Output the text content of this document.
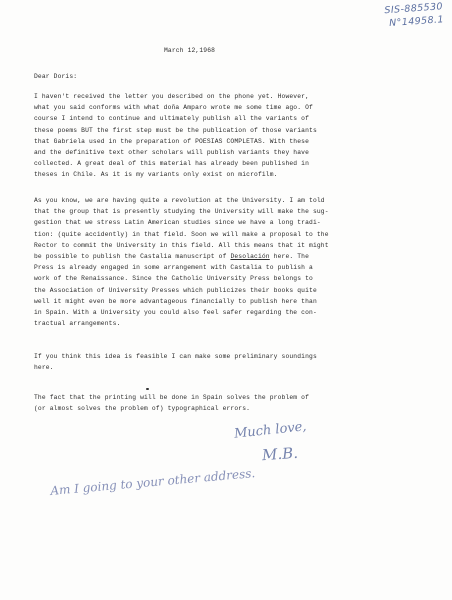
SIS-885530
N°14958.1
March 12,1968
Dear Doris:

I haven't received the letter you described on the phone yet. However,

what you said conforms with what doña Amparo wrote me some time ago. Of

course I intend to continue and ultimately publish all the variants of

these poems BUT the first step must be the publication of those variants

that Gabriela used in the preparation of POESIAS COMPLETAS. With these

and the definitive text other scholars will publish variants they have

collected. A great deal of this material has already been published in

theses in Chile. As it is my variants only exist on microfilm.

As you know, we are having quite a revolution at the University. I am told

that the group that is presently studying the University will make the sug-

gestion that we stress Latin American studies since we have a long tradi-

tion: (quite accidently) in that field. Soon we will make a proposal to the

Rector to commit the University in this field. All this means that it might

be possible to publish the Castalia manuscript of Desolación here. The

Press is already engaged in some arrangement with Castalia to publish a

work of the Renaissance. Since the Catholic University Press belongs to

the Association of University Presses which publicizes their books quite

well it might even be more advantageous financially to publish here than

in Spain. With a University you could also feel safer regarding the con-

tractual arrangements.

If you think this idea is feasible I can make some preliminary soundings

here.

The fact that the printing will be done in Spain solves the problem of

(or almost solves the problem of) typographical errors.

Much love,
M.B.
Am I going to your other address.
